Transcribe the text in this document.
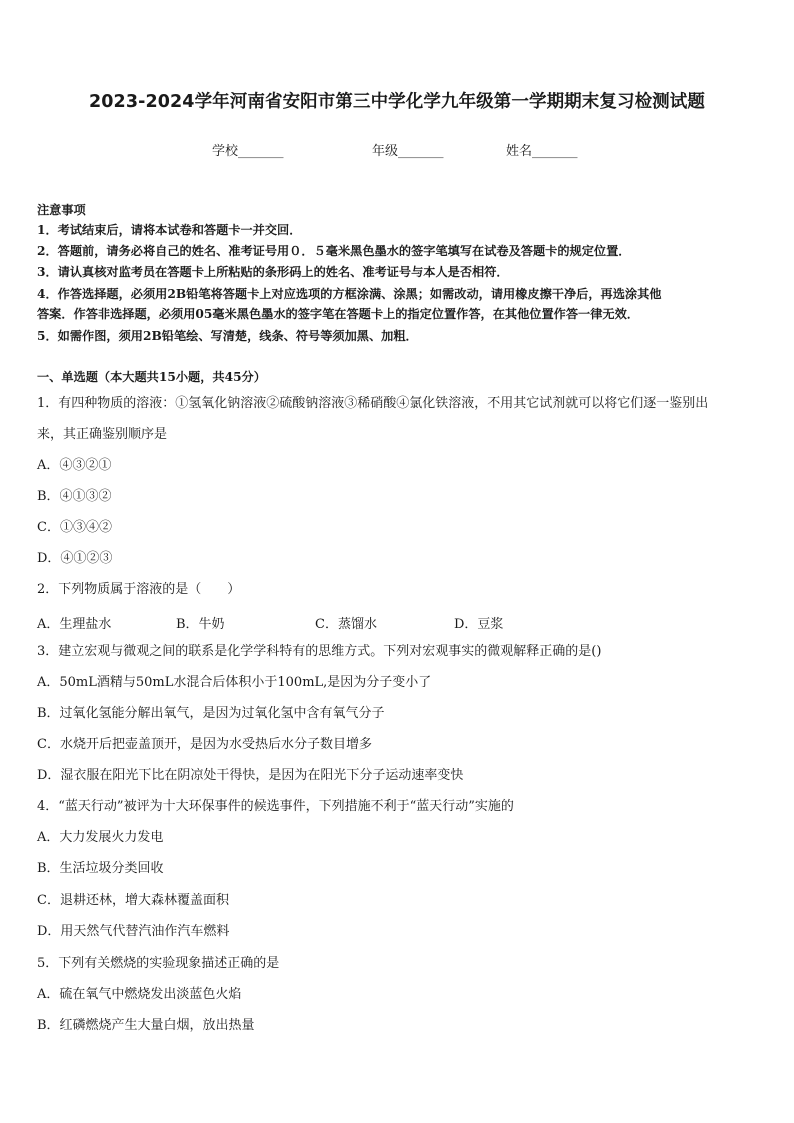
2023-2024学年河南省安阳市第三中学化学九年级第一学期期末复习检测试题
学校_______	年级_______	姓名_______
注意事项
1．考试结束后，请将本试卷和答题卡一并交回．
2．答题前，请务必将自己的姓名、准考证号用０．５毫米黑色墨水的签字笔填写在试卷及答题卡的规定位置．
3．请认真核对监考员在答题卡上所粘贴的条形码上的姓名、准考证号与本人是否相符．
4．作答选择题，必须用2B铅笔将答题卡上对应选项的方框涂满、涂黑；如需改动，请用橡皮擦干净后，再选涂其他
答案．作答非选择题，必须用05毫米黑色墨水的签字笔在答题卡上的指定位置作答，在其他位置作答一律无效．
5．如需作图，须用2B铅笔绘、写清楚，线条、符号等须加黑、加粗．
一、单选题（本大题共15小题，共45分）
1．有四种物质的溶液：①氢氧化钠溶液②硫酸钠溶液③稀硝酸④氯化铁溶液，不用其它试剂就可以将它们逐一鉴别出
来，其正确鉴别顺序是
A．④③②①
B．④①③②
C．①③④②
D．④①②③
2．下列物质属于溶液的是（　　）
A．生理盐水	B．牛奶	C．蒸馏水	D．豆浆
3．建立宏观与微观之间的联系是化学学科特有的思维方式。下列对宏观事实的微观解释正确的是()
A．50mL酒精与50mL水混合后体积小于100mL,是因为分子变小了
B．过氧化氢能分解出氧气，是因为过氧化氢中含有氧气分子
C．水烧开后把壶盖顶开，是因为水受热后水分子数目增多
D．湿衣服在阳光下比在阴凉处干得快，是因为在阳光下分子运动速率变快
4．“蓝天行动”被评为十大环保事件的候选事件，下列措施不利于“蓝天行动”实施的
A．大力发展火力发电
B．生活垃圾分类回收
C．退耕还林，增大森林覆盖面积
D．用天然气代替汽油作汽车燃料
5．下列有关燃烧的实验现象描述正确的是
A．硫在氧气中燃烧发出淡蓝色火焰
B．红磷燃烧产生大量白烟，放出热量
